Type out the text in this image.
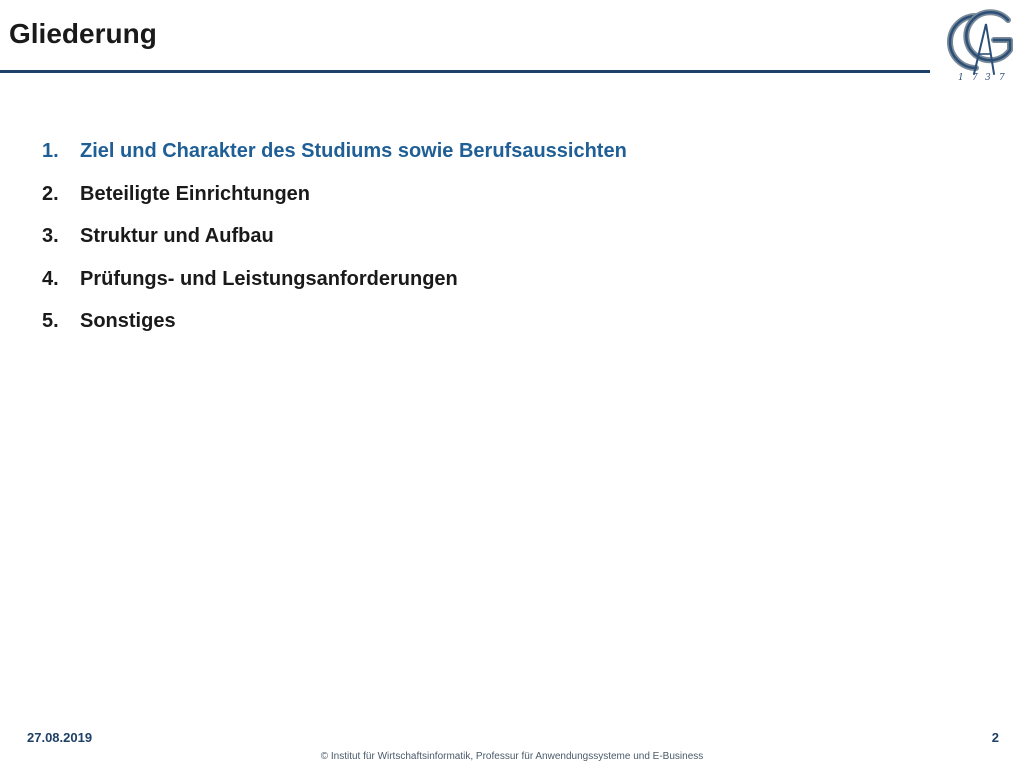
Gliederung
1 7 3 7
1.	Ziel und Charakter des Studiums sowie Berufsaussichten
2.	Beteiligte Einrichtungen
3.	Struktur und Aufbau
4.	Prüfungs- und Leistungsanforderungen
5.	Sonstiges
27.08.2019	2
© Institut für Wirtschaftsinformatik, Professur für Anwendungssysteme und E-Business
